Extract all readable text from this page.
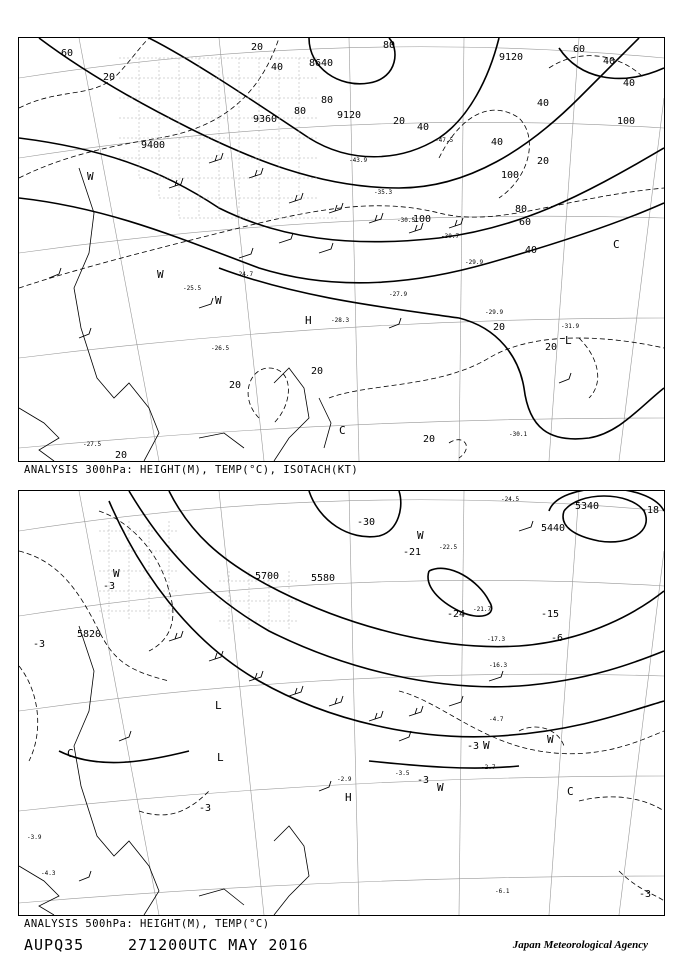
8640
9120
9360	9120
9400
60
20
20
40
80
80
60
40
40
40
80
20
40
100
100
40
60
80
100
40
20
20
20
20
20
20
20
-47.5
-43.9
-35.3
-30.5
-30.7
-29.9
-28.3
-27.9
-31.9
-26.5
-24.7
-25.5
-30.1
-29.9
-27.5
W
W
W
H
C
C
L
ANALYSIS 300hPa: HEIGHT(M), TEMP(°C), ISOTACH(KT)
5700	5580
5340
5440
5820
-30
-18
-21
-24	-15
-6
-3
-3
-3
-3
-3
-3
-22.5
-24.5
-21.7
-17.3
-16.3
-4.7
-3.5
-2.7
-2.9
-6.1
-3.9
-4.3
W
W
W	W
W
L
H	C
C
L
ANALYSIS 500hPa: HEIGHT(M), TEMP(°C)
AUPQ35	271200UTC MAY 2016	Japan Meteorological Agency
